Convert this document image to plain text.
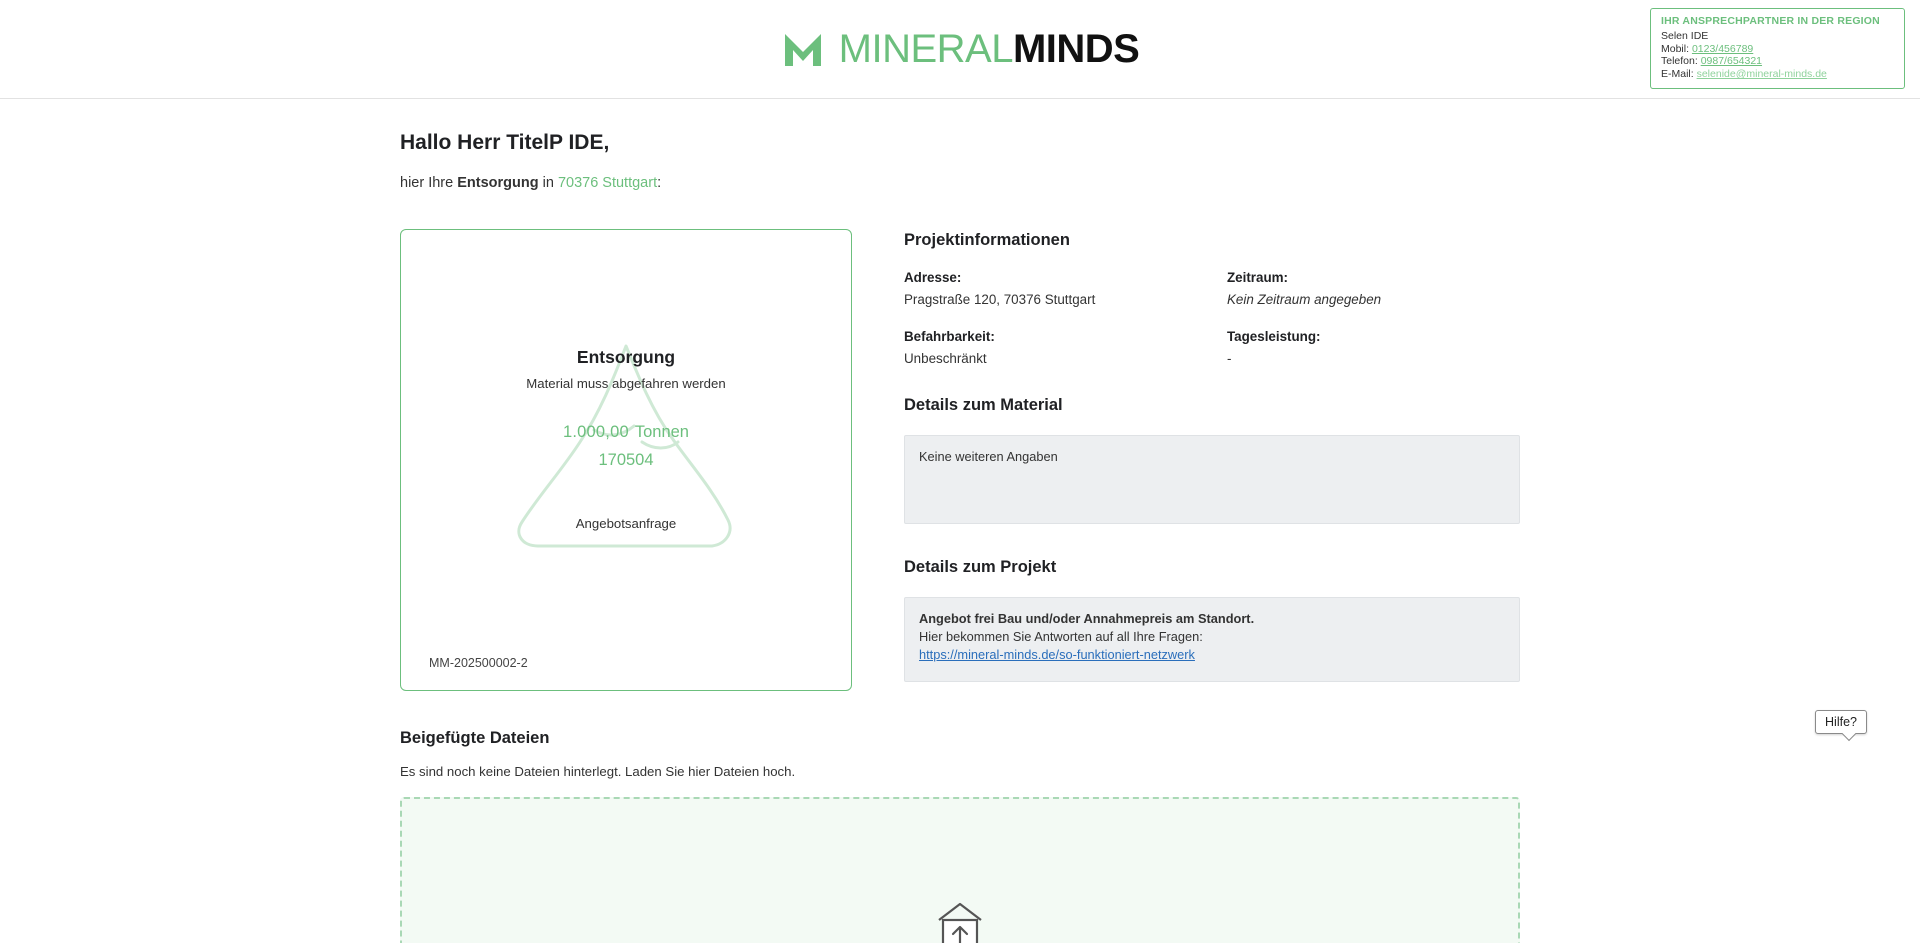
MINERALMINDS
IHR ANSPRECHPARTNER IN DER REGION
Selen IDE
Mobil: 0123/456789
Telefon: 0987/654321
E-Mail: selenide@mineral-minds.de
Hallo Herr TitelP IDE,

hier Ihre Entsorgung in 70376 Stuttgart:

Entsorgung
Material muss abgefahren werden
1.000,00 Tonnen
170504
Angebotsanfrage
MM-202500002-2
Projektinformationen
Adresse:
Pragstraße 120, 70376 Stuttgart
Zeitraum:
Kein Zeitraum angegeben
Befahrbarkeit:
Unbeschränkt
Tagesleistung:
-
Details zum Material
Keine weiteren Angaben
Details zum Projekt
Angebot frei Bau und/oder Annahmepreis am Standort.
Hier bekommen Sie Antworten auf all Ihre Fragen:
https://mineral-minds.de/so-funktioniert-netzwerk
Beigefügte Dateien

Es sind noch keine Dateien hinterlegt. Laden Sie hier Dateien hoch.

Hilfe?
